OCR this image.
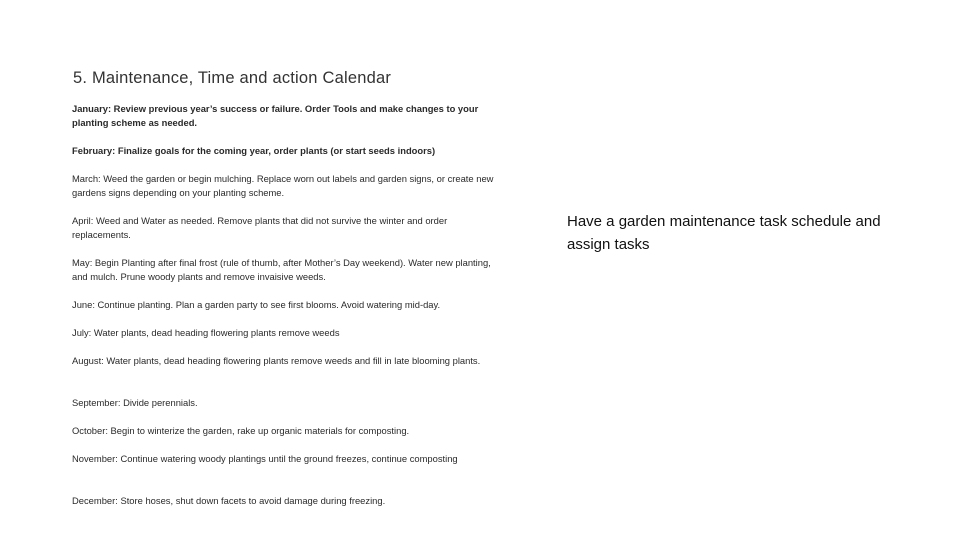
5. Maintenance, Time and action Calendar
January: Review previous year’s success or failure. Order Tools and make changes to your planting scheme as needed.
February: Finalize goals for the coming year, order plants (or start seeds indoors)
March: Weed the garden or begin mulching. Replace worn out labels and garden signs, or create new gardens signs depending on your planting scheme.
April: Weed and Water as needed. Remove plants that did not survive the winter and order replacements.
May: Begin Planting after final frost (rule of thumb, after Mother’s Day weekend). Water new planting, and mulch. Prune woody plants and remove invaisive weeds.
June: Continue planting. Plan a garden party to see first blooms. Avoid watering mid-day.
July: Water plants, dead heading flowering plants remove weeds
August: Water plants, dead heading flowering plants remove weeds and fill in late blooming plants.
September: Divide perennials.
October: Begin to winterize the garden, rake up organic materials for composting.
November: Continue watering woody plantings until the ground freezes, continue composting
December: Store hoses, shut down facets to avoid damage during freezing.
Have a garden maintenance task schedule and assign tasks
